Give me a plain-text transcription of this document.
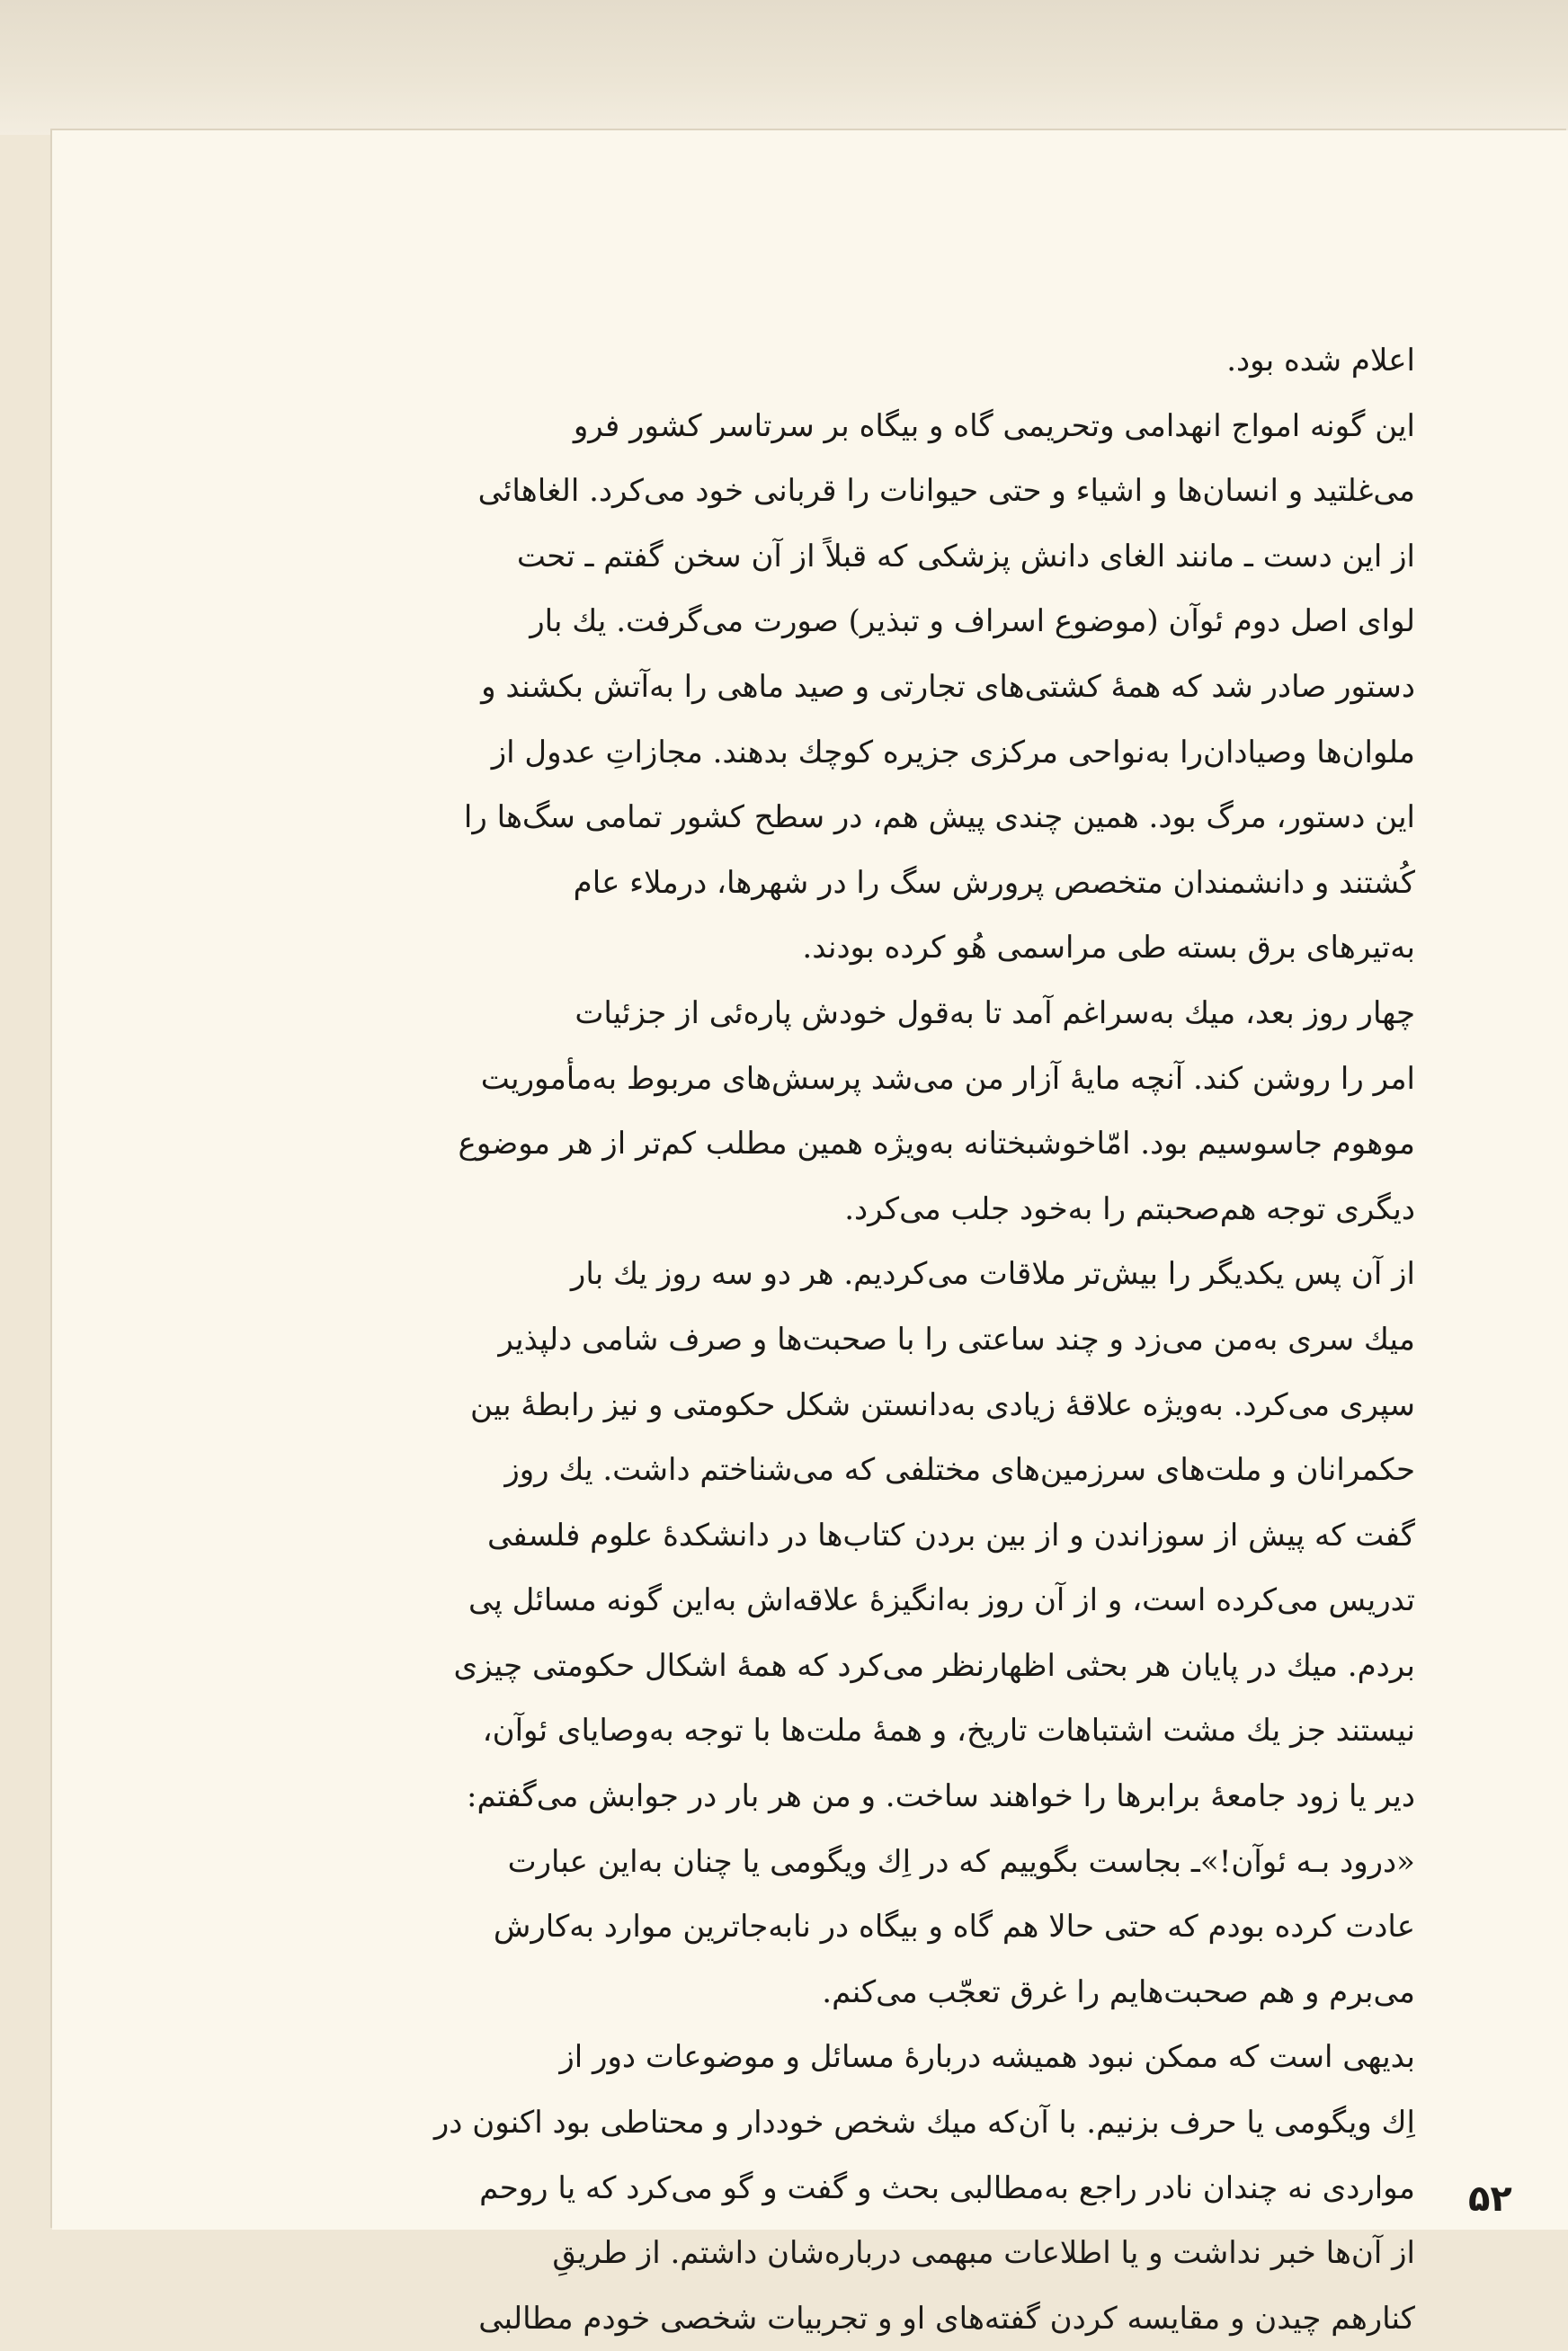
اعلام شده بود.
این گونه امواج انهدامی وتحریمی گاه و بیگاه بر سرتاسر کشور فرو
می‌غلتید و انسان‌ها و اشیاء و حتی حیوانات را قربانی خود می‌کرد. الغاهائی
از این دست ـ مانند الغای دانش پزشکی که قبلاً از آن سخن گفتم ـ تحت
لوای اصل دوم ئوآن (موضوع اسراف و تبذیر) صورت می‌گرفت. یك بار
دستور صادر شد که همهٔ کشتی‌های تجارتی و صید ماهی را به‌آتش بکشند و
ملوان‌ها وصیادان‌را به‌نواحی مرکزی جزیره کوچك بدهند. مجازاتِ عدول از
این دستور، مرگ بود. همین چندی پیش هم، در سطح کشور تمامی سگ‌ها را
کُشتند و دانشمندان متخصص پرورش سگ را در شهرها، درملاء عام
به‌تیرهای برق بسته طی مراسمی هُو کرده بودند.
چهار روز بعد، میك به‌سراغم آمد تا به‌قول خودش پاره‌ئی از جزئیات
امر را روشن کند. آنچه مایهٔ آزار من می‌شد پرسش‌های مربوط به‌مأموریت
موهوم جاسوسیم بود. امّاخوشبختانه به‌ویژه همین مطلب کم‌تر از هر موضوع
دیگری توجه هم‌صحبتم را به‌خود جلب می‌کرد.
از آن پس یکدیگر را بیش‌تر ملاقات می‌کردیم. هر دو سه روز یك بار
میك سری به‌من می‌زد و چند ساعتی را با صحبت‌ها و صرف شامی دلپذیر
سپری می‌کرد. به‌ویژه علاقهٔ زیادی به‌دانستن شکل حکومتی و نیز رابطهٔ بین
حکمرانان و ملت‌های سرزمین‌های مختلفی که می‌شناختم داشت. یك روز
گفت که پیش از سوزاندن و از بین بردن کتاب‌ها در دانشکدهٔ علوم فلسفی
تدریس می‌کرده است، و از آن روز به‌انگیزهٔ علاقه‌اش به‌این گونه مسائل پی
بردم. میك در پایان هر بحثی اظهارنظر می‌کرد که همهٔ اشکال حکومتی چیزی
نیستند جز یك مشت اشتباهات تاریخ، و همهٔ ملت‌ها با توجه به‌وصایای ئوآن،
دیر یا زود جامعهٔ برابرها را خواهند ساخت. و من هر بار در جوابش می‌گفتم:
«درود بـه ئوآن!»ـ بجاست بگوییم که در اِك ویگومی یا چنان به‌این عبارت
عادت کرده بودم که حتی حالا هم گاه و بیگاه در نابه‌جاترین موارد به‌کارش
می‌برم و هم صحبت‌هایم را غرق تعجّب می‌کنم.
بدیهی است که ممکن نبود همیشه دربارهٔ مسائل و موضوعات دور از
اِك ویگومی یا حرف بزنیم. با آن‌که میك شخص خوددار و محتاطی بود اکنون در
مواردی نه چندان نادر راجع به‌مطالبی بحث و گفت و گو می‌کرد که یا روحم
از آن‌ها خبر نداشت و یا اطلاعات مبهمی درباره‌شان داشتم. از طریقِ
کنارهم چیدن و مقایسه کردن گفته‌های او و تجربیات شخصی خودم مطالبی
۵۲
